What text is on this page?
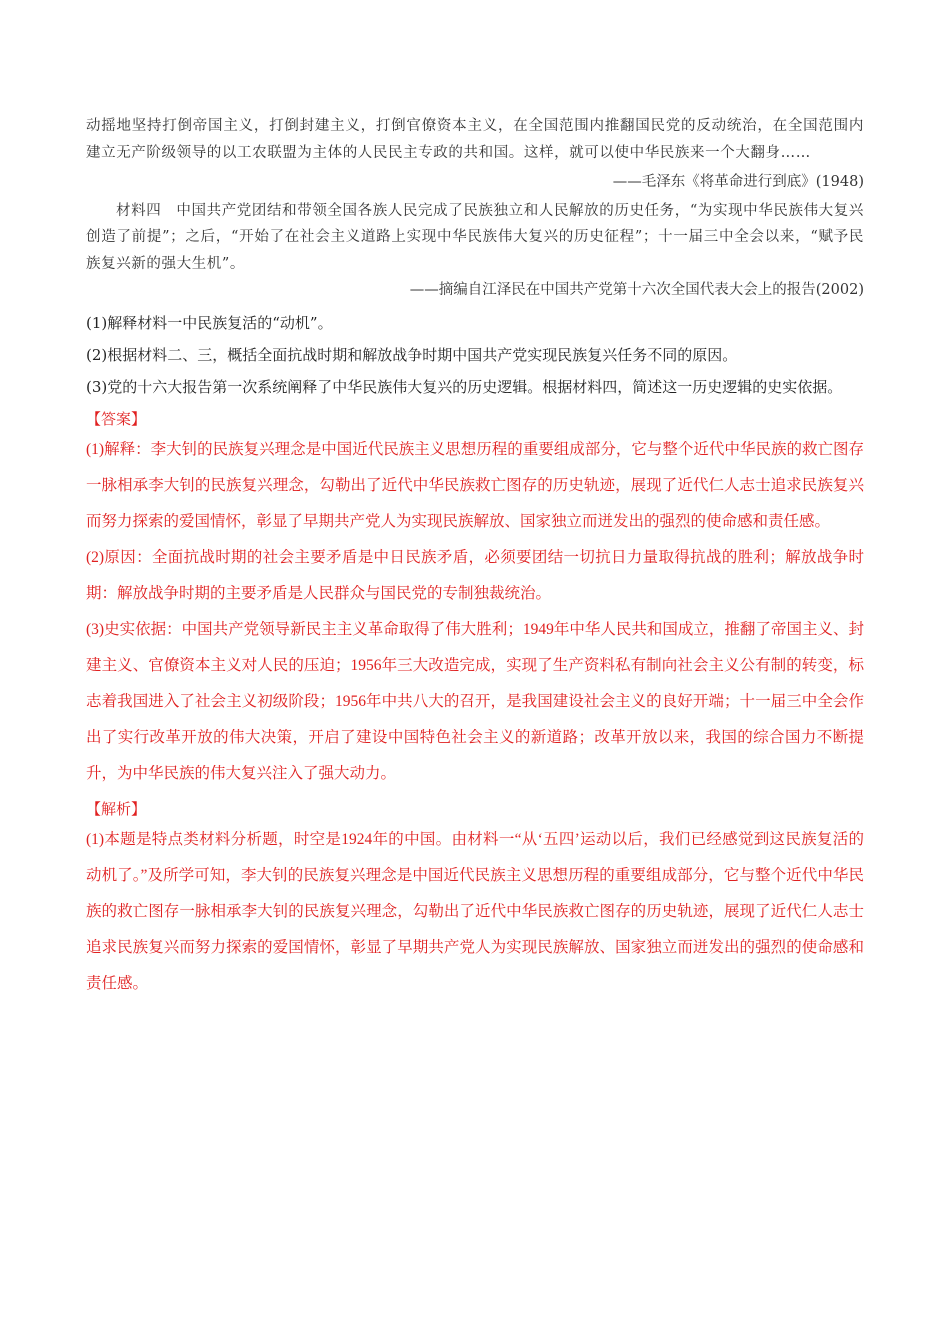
动摇地坚持打倒帝国主义，打倒封建主义，打倒官僚资本主义，在全国范围内推翻国民党的反动统治，在全国范围内建立无产阶级领导的以工农联盟为主体的人民民主专政的共和国。这样，就可以使中华民族来一个大翻身……

——毛泽东《将革命进行到底》(1948)

材料四　中国共产党团结和带领全国各族人民完成了民族独立和人民解放的历史任务，“为实现中华民族伟大复兴创造了前提”；之后，“开始了在社会主义道路上实现中华民族伟大复兴的历史征程”；十一届三中全会以来，“赋予民族复兴新的强大生机”。

——摘编自江泽民在中国共产党第十六次全国代表大会上的报告(2002)

(1)解释材料一中民族复活的“动机”。

(2)根据材料二、三，概括全面抗战时期和解放战争时期中国共产党实现民族复兴任务不同的原因。

(3)党的十六大报告第一次系统阐释了中华民族伟大复兴的历史逻辑。根据材料四，简述这一历史逻辑的史实依据。

【答案】

(1)解释：李大钊的民族复兴理念是中国近代民族主义思想历程的重要组成部分，它与整个近代中华民族的救亡图存一脉相承李大钊的民族复兴理念，勾勒出了近代中华民族救亡图存的历史轨迹，展现了近代仁人志士追求民族复兴而努力探索的爱国情怀，彰显了早期共产党人为实现民族解放、国家独立而迸发出的强烈的使命感和责任感。

(2)原因：全面抗战时期的社会主要矛盾是中日民族矛盾，必须要团结一切抗日力量取得抗战的胜利；解放战争时期：解放战争时期的主要矛盾是人民群众与国民党的专制独裁统治。

(3)史实依据：中国共产党领导新民主主义革命取得了伟大胜利；1949年中华人民共和国成立，推翻了帝国主义、封建主义、官僚资本主义对人民的压迫；1956年三大改造完成，实现了生产资料私有制向社会主义公有制的转变，标志着我国进入了社会主义初级阶段；1956年中共八大的召开，是我国建设社会主义的良好开端；十一届三中全会作出了实行改革开放的伟大决策，开启了建设中国特色社会主义的新道路；改革开放以来，我国的综合国力不断提升，为中华民族的伟大复兴注入了强大动力。

【解析】

(1)本题是特点类材料分析题，时空是1924年的中国。由材料一“从‘五四’运动以后，我们已经感觉到这民族复活的动机了。”及所学可知，李大钊的民族复兴理念是中国近代民族主义思想历程的重要组成部分，它与整个近代中华民族的救亡图存一脉相承李大钊的民族复兴理念，勾勒出了近代中华民族救亡图存的历史轨迹，展现了近代仁人志士追求民族复兴而努力探索的爱国情怀，彰显了早期共产党人为实现民族解放、国家独立而迸发出的强烈的使命感和责任感。
